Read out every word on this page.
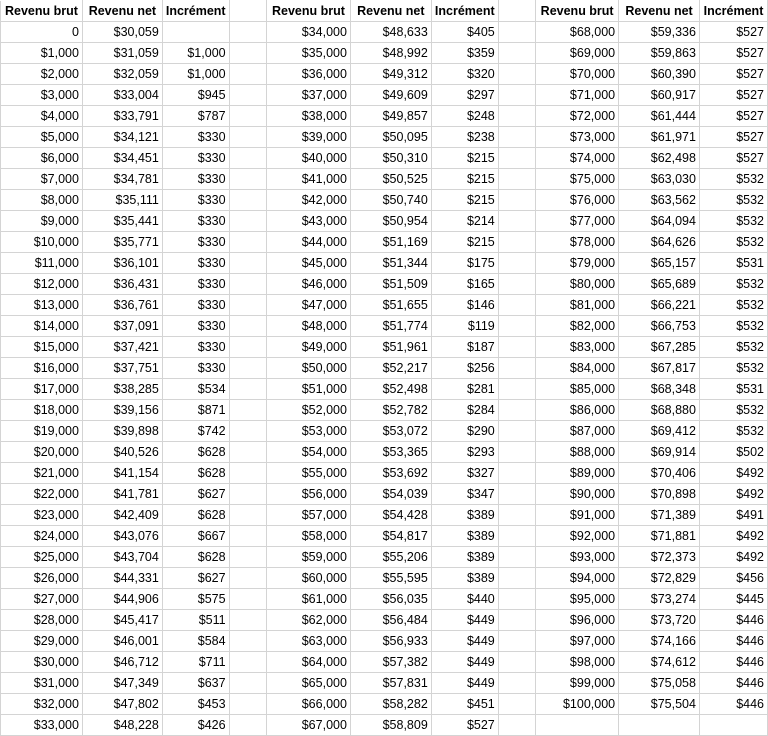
Revenu brut	Revenu net	Incrément		Revenu brut	Revenu net	Incrément		Revenu brut	Revenu net	Incrément
0	$30,059			$34,000	$48,633	$405		$68,000	$59,336	$527
$1,000	$31,059	$1,000		$35,000	$48,992	$359		$69,000	$59,863	$527
$2,000	$32,059	$1,000		$36,000	$49,312	$320		$70,000	$60,390	$527
$3,000	$33,004	$945		$37,000	$49,609	$297		$71,000	$60,917	$527
$4,000	$33,791	$787		$38,000	$49,857	$248		$72,000	$61,444	$527
$5,000	$34,121	$330		$39,000	$50,095	$238		$73,000	$61,971	$527
$6,000	$34,451	$330		$40,000	$50,310	$215		$74,000	$62,498	$527
$7,000	$34,781	$330		$41,000	$50,525	$215		$75,000	$63,030	$532
$8,000	$35,111	$330		$42,000	$50,740	$215		$76,000	$63,562	$532
$9,000	$35,441	$330		$43,000	$50,954	$214		$77,000	$64,094	$532
$10,000	$35,771	$330		$44,000	$51,169	$215		$78,000	$64,626	$532
$11,000	$36,101	$330		$45,000	$51,344	$175		$79,000	$65,157	$531
$12,000	$36,431	$330		$46,000	$51,509	$165		$80,000	$65,689	$532
$13,000	$36,761	$330		$47,000	$51,655	$146		$81,000	$66,221	$532
$14,000	$37,091	$330		$48,000	$51,774	$119		$82,000	$66,753	$532
$15,000	$37,421	$330		$49,000	$51,961	$187		$83,000	$67,285	$532
$16,000	$37,751	$330		$50,000	$52,217	$256		$84,000	$67,817	$532
$17,000	$38,285	$534		$51,000	$52,498	$281		$85,000	$68,348	$531
$18,000	$39,156	$871		$52,000	$52,782	$284		$86,000	$68,880	$532
$19,000	$39,898	$742		$53,000	$53,072	$290		$87,000	$69,412	$532
$20,000	$40,526	$628		$54,000	$53,365	$293		$88,000	$69,914	$502
$21,000	$41,154	$628		$55,000	$53,692	$327		$89,000	$70,406	$492
$22,000	$41,781	$627		$56,000	$54,039	$347		$90,000	$70,898	$492
$23,000	$42,409	$628		$57,000	$54,428	$389		$91,000	$71,389	$491
$24,000	$43,076	$667		$58,000	$54,817	$389		$92,000	$71,881	$492
$25,000	$43,704	$628		$59,000	$55,206	$389		$93,000	$72,373	$492
$26,000	$44,331	$627		$60,000	$55,595	$389		$94,000	$72,829	$456
$27,000	$44,906	$575		$61,000	$56,035	$440		$95,000	$73,274	$445
$28,000	$45,417	$511		$62,000	$56,484	$449		$96,000	$73,720	$446
$29,000	$46,001	$584		$63,000	$56,933	$449		$97,000	$74,166	$446
$30,000	$46,712	$711		$64,000	$57,382	$449		$98,000	$74,612	$446
$31,000	$47,349	$637		$65,000	$57,831	$449		$99,000	$75,058	$446
$32,000	$47,802	$453		$66,000	$58,282	$451		$100,000	$75,504	$446
$33,000	$48,228	$426		$67,000	$58,809	$527				
